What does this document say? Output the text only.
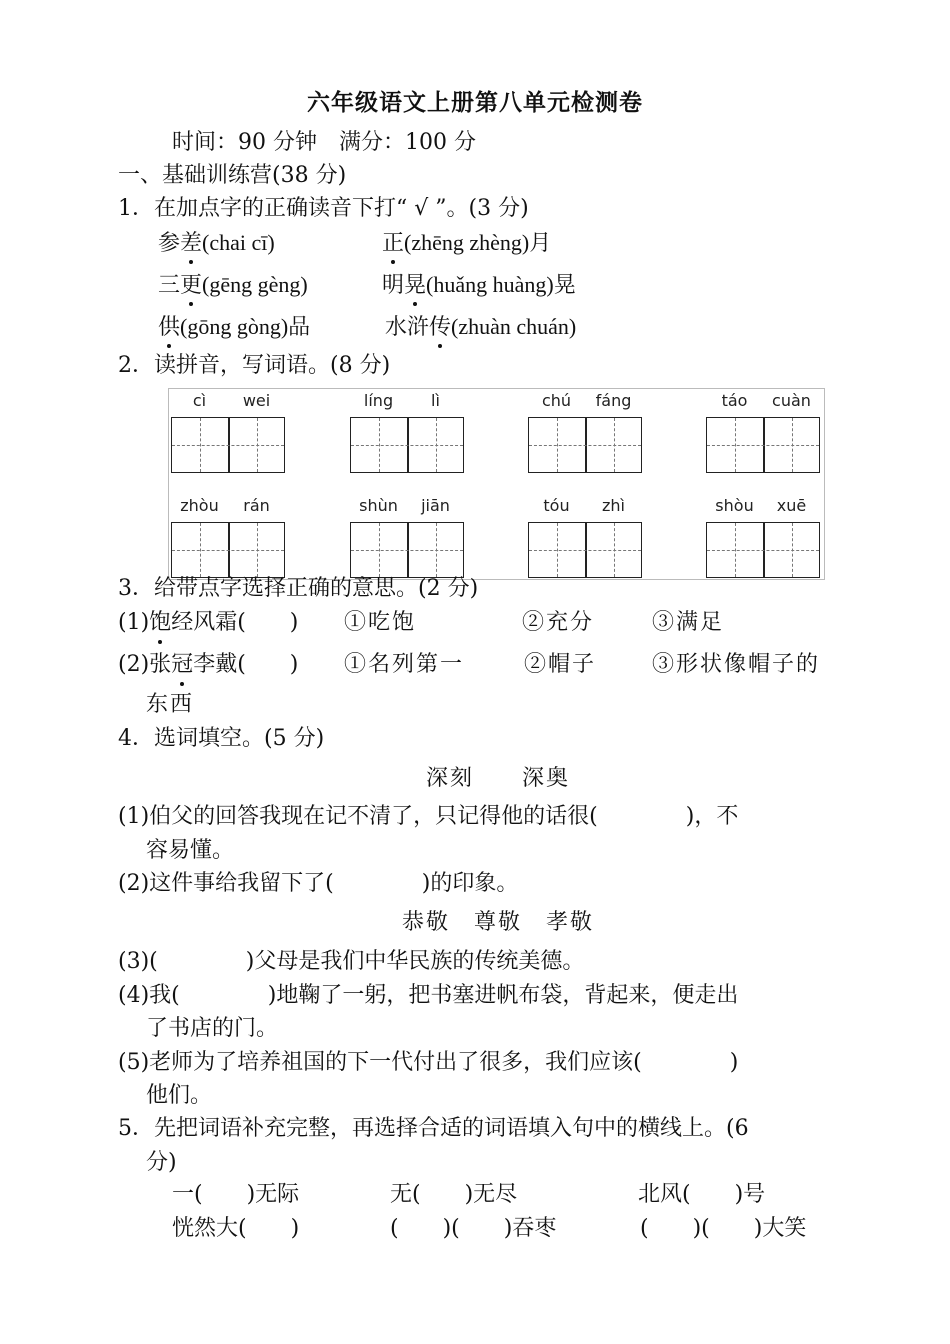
六年级语文上册第八单元检测卷
时间：90 分钟　满分：100 分
一、基础训练营(38 分)
1．在加点字的正确读音下打“ √ ”。(3 分)
参差(chai cī)	正(zhēng zhèng)月
三更(gēng gèng)	明晃(huǎng huàng)晃
供(gōng gòng)品	水浒传(zhuàn chuán)
2．读拼音，写词语。(8 分)
cì	wei	líng	lì	chú	fáng	táo	cuàn
zhòu	rán	shùn	jiān	tóu	zhì	shòu	xuē
3．给带点字选择正确的意思。(2 分)
(1)饱经风霜(　　) ①吃饱	②充分	③满足
(2)张冠李戴(　　) ①名列第一	②帽子	③形状像帽子的
东西
4．选词填空。(5 分)
深刻　　深奥
(1)伯父的回答我现在记不清了，只记得他的话很(　　　　)，不
容易懂。
(2)这件事给我留下了(　　　　)的印象。
恭敬　尊敬　孝敬
(3)(　　　　)父母是我们中华民族的传统美德。
(4)我(　　　　)地鞠了一躬，把书塞进帆布袋，背起来，便走出
了书店的门。
(5)老师为了培养祖国的下一代付出了很多，我们应该(　　　　)
他们。
5．先把词语补充完整，再选择合适的词语填入句中的横线上。(6
分)
一(　　)无际	无(　　)无尽	北风(　　)号
恍然大(　　)	(　　)(　　)吞枣	(　　)(　　)大笑
